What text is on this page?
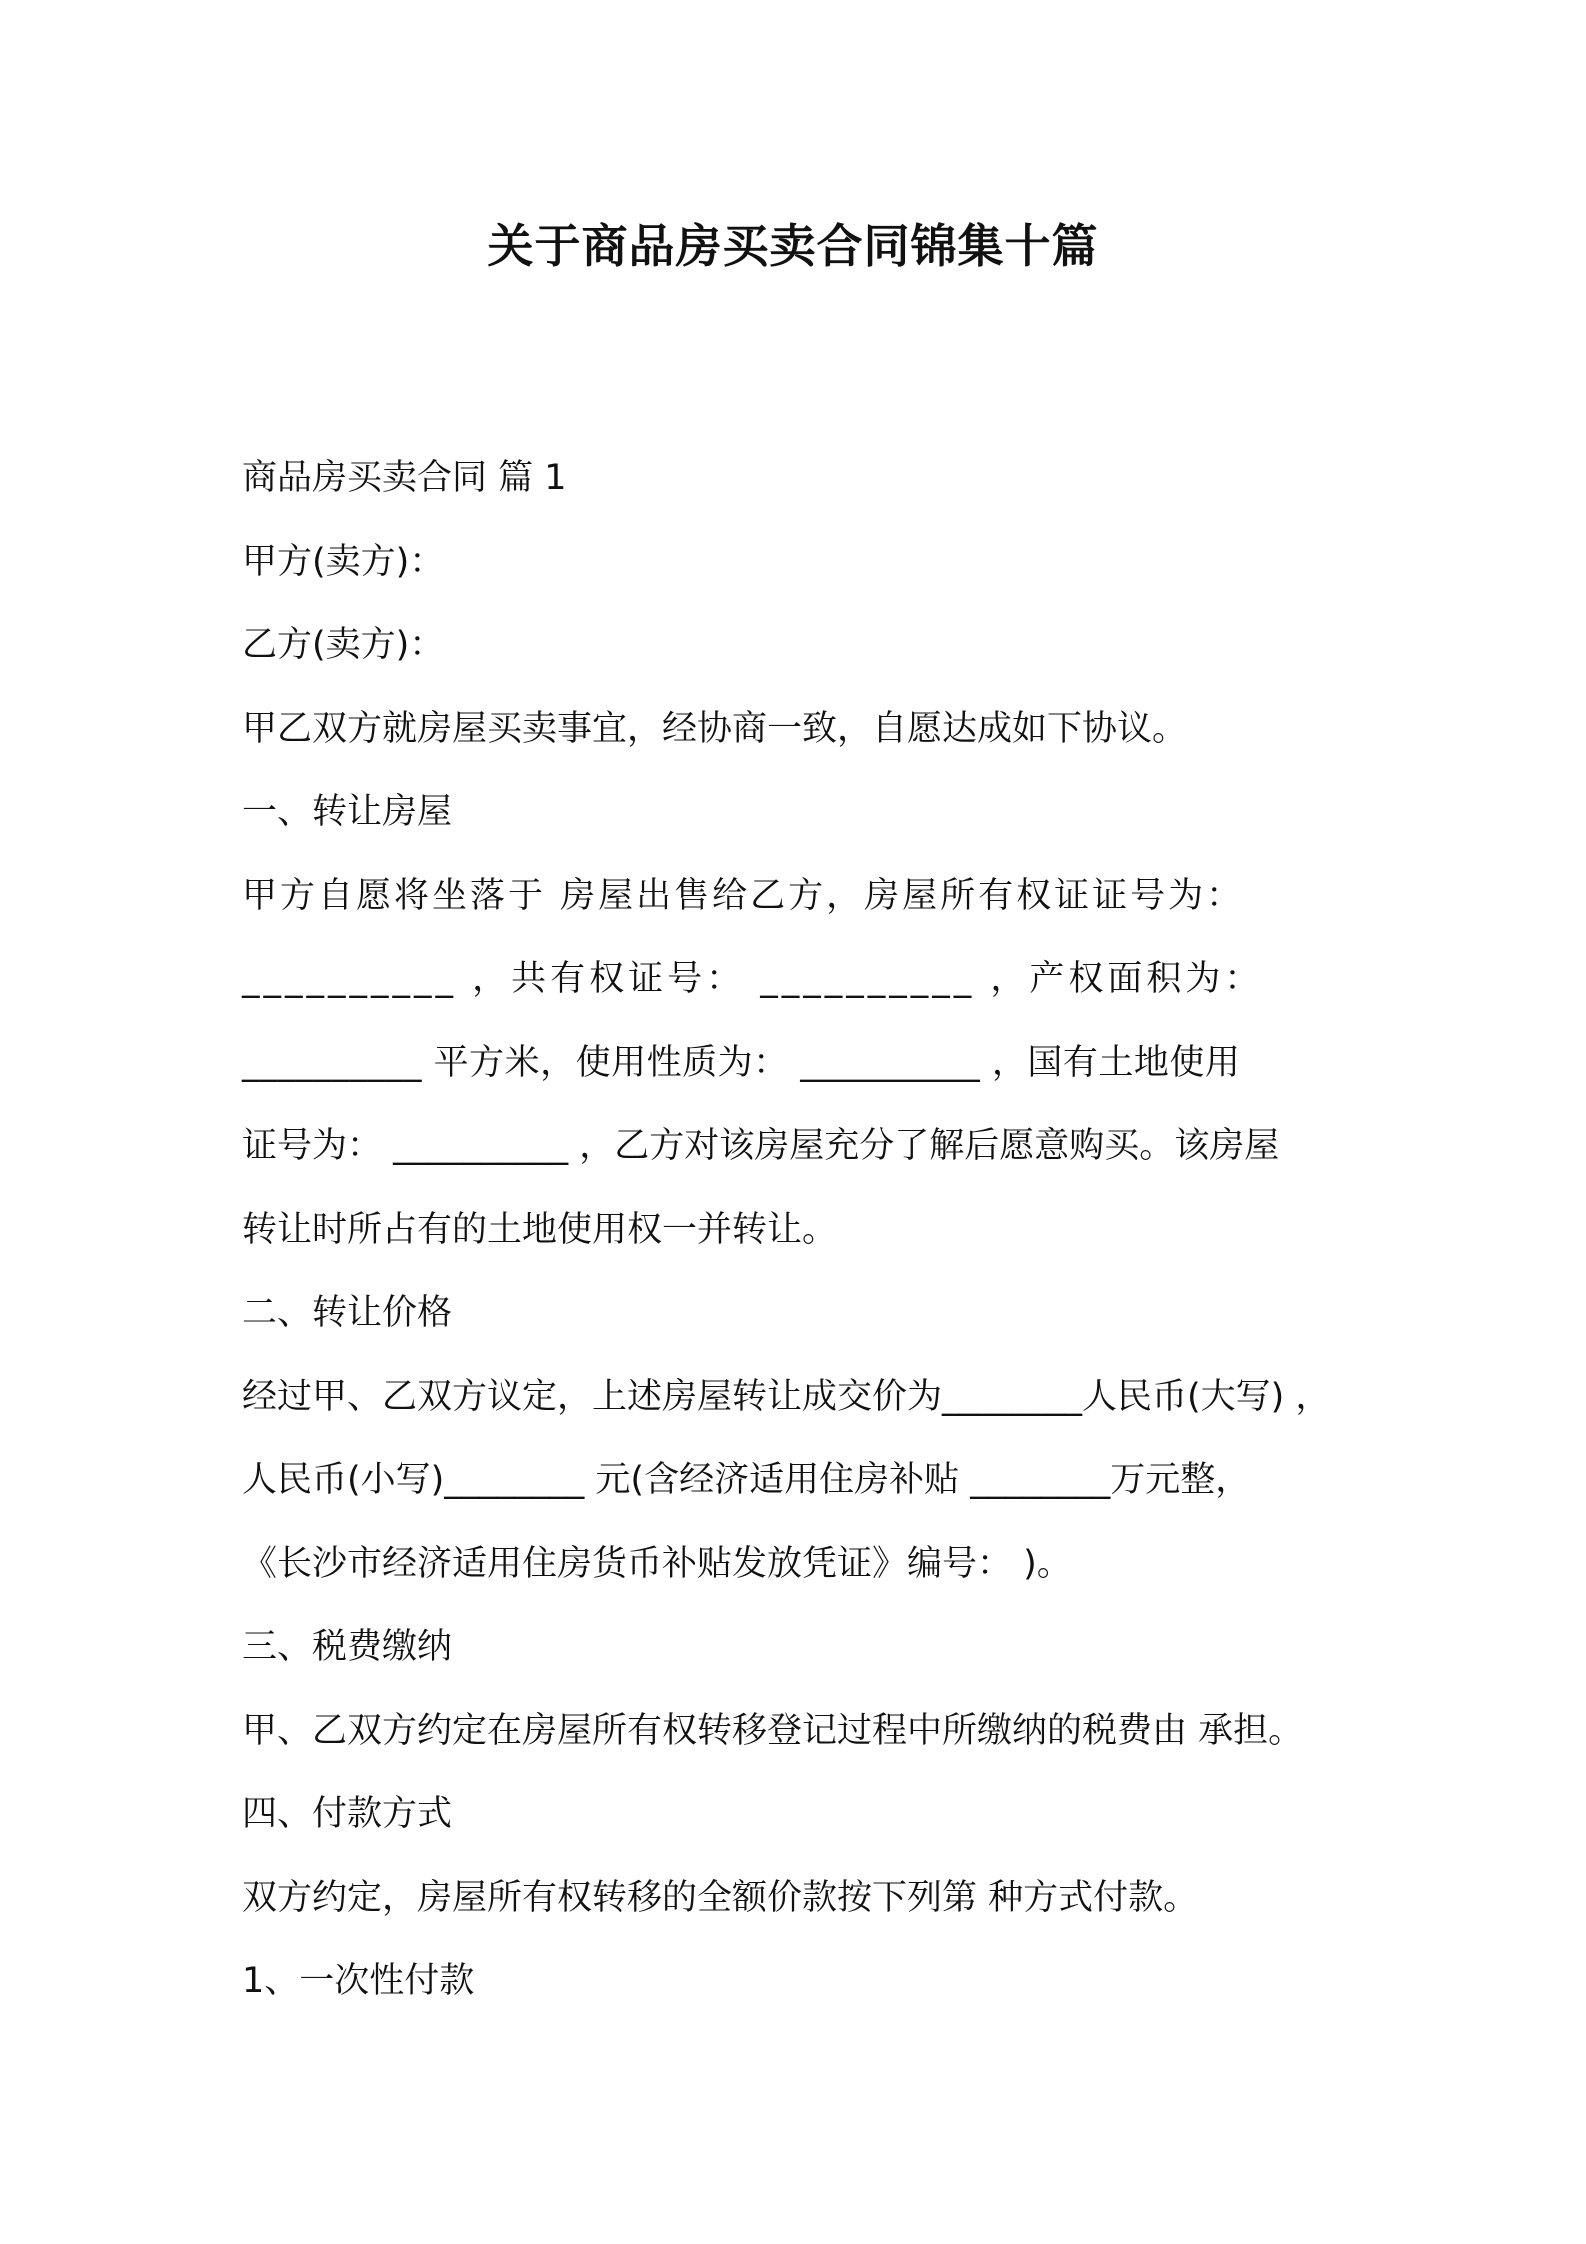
关于商品房买卖合同锦集十篇
商品房买卖合同 篇 1
甲方(卖方)：
乙方(卖方)：
甲乙双方就房屋买卖事宜，经协商一致，自愿达成如下协议。
一、转让房屋
甲方自愿将坐落于 房屋出售给乙方，房屋所有权证证号为：
__________ ，共有权证号： __________ ，产权面积为：
__________ 平方米，使用性质为： __________ ，国有土地使用
证号为： __________ ，乙方对该房屋充分了解后愿意购买。该房屋
转让时所占有的土地使用权一并转让。
二、转让价格
经过甲、乙双方议定，上述房屋转让成交价为________人民币(大写) ，
人民币(小写)________ 元(含经济适用住房补贴 ________万元整，
《长沙市经济适用住房货币补贴发放凭证》编号： )。
三、税费缴纳
甲、乙双方约定在房屋所有权转移登记过程中所缴纳的税费由 承担。
四、付款方式
双方约定，房屋所有权转移的全额价款按下列第 种方式付款。
1、一次性付款
